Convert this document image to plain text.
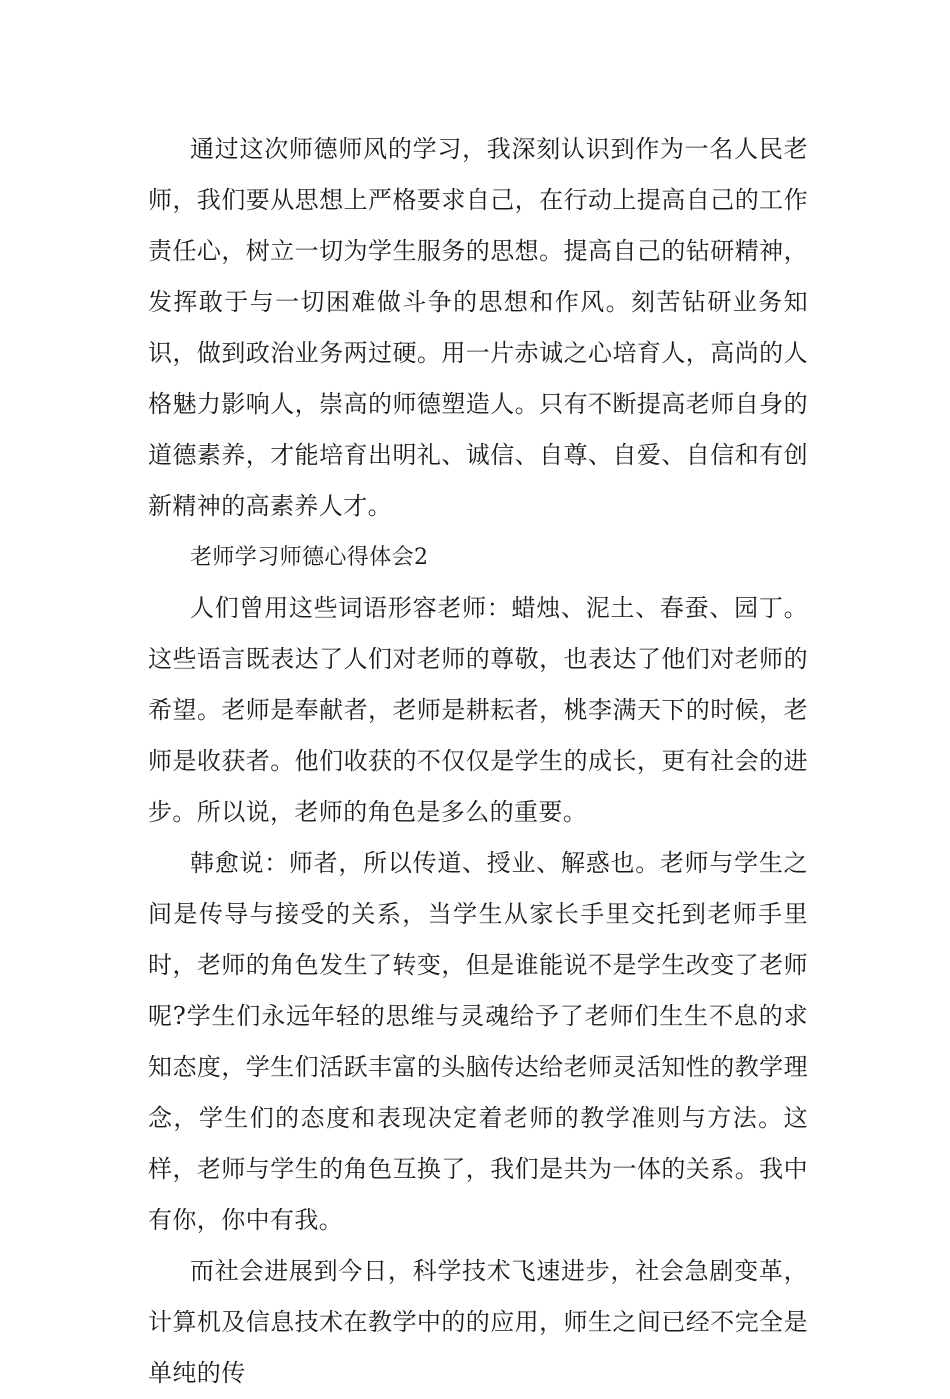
通过这次师德师风的学习，我深刻认识到作为一名人民老师，我们要从思想上严格要求自己，在行动上提高自己的工作责任心，树立一切为学生服务的思想。提高自己的钻研精神，发挥敢于与一切困难做斗争的思想和作风。刻苦钻研业务知识，做到政治业务两过硬。用一片赤诚之心培育人，高尚的人格魅力影响人，崇高的师德塑造人。只有不断提高老师自身的道德素养，才能培育出明礼、诚信、自尊、自爱、自信和有创新精神的高素养人才。

老师学习师德心得体会2

人们曾用这些词语形容老师：蜡烛、泥土、春蚕、园丁。这些语言既表达了人们对老师的尊敬，也表达了他们对老师的希望。老师是奉献者，老师是耕耘者，桃李满天下的时候，老师是收获者。他们收获的不仅仅是学生的成长，更有社会的进步。所以说，老师的角色是多么的重要。

韩愈说：师者，所以传道、授业、解惑也。老师与学生之间是传导与接受的关系，当学生从家长手里交托到老师手里时，老师的角色发生了转变，但是谁能说不是学生改变了老师呢?学生们永远年轻的思维与灵魂给予了老师们生生不息的求知态度，学生们活跃丰富的头脑传达给老师灵活知性的教学理念，学生们的态度和表现决定着老师的教学准则与方法。这样，老师与学生的角色互换了，我们是共为一体的关系。我中有你，你中有我。

而社会进展到今日，科学技术飞速进步，社会急剧变革，计算机及信息技术在教学中的的应用，师生之间已经不完全是单纯的传
